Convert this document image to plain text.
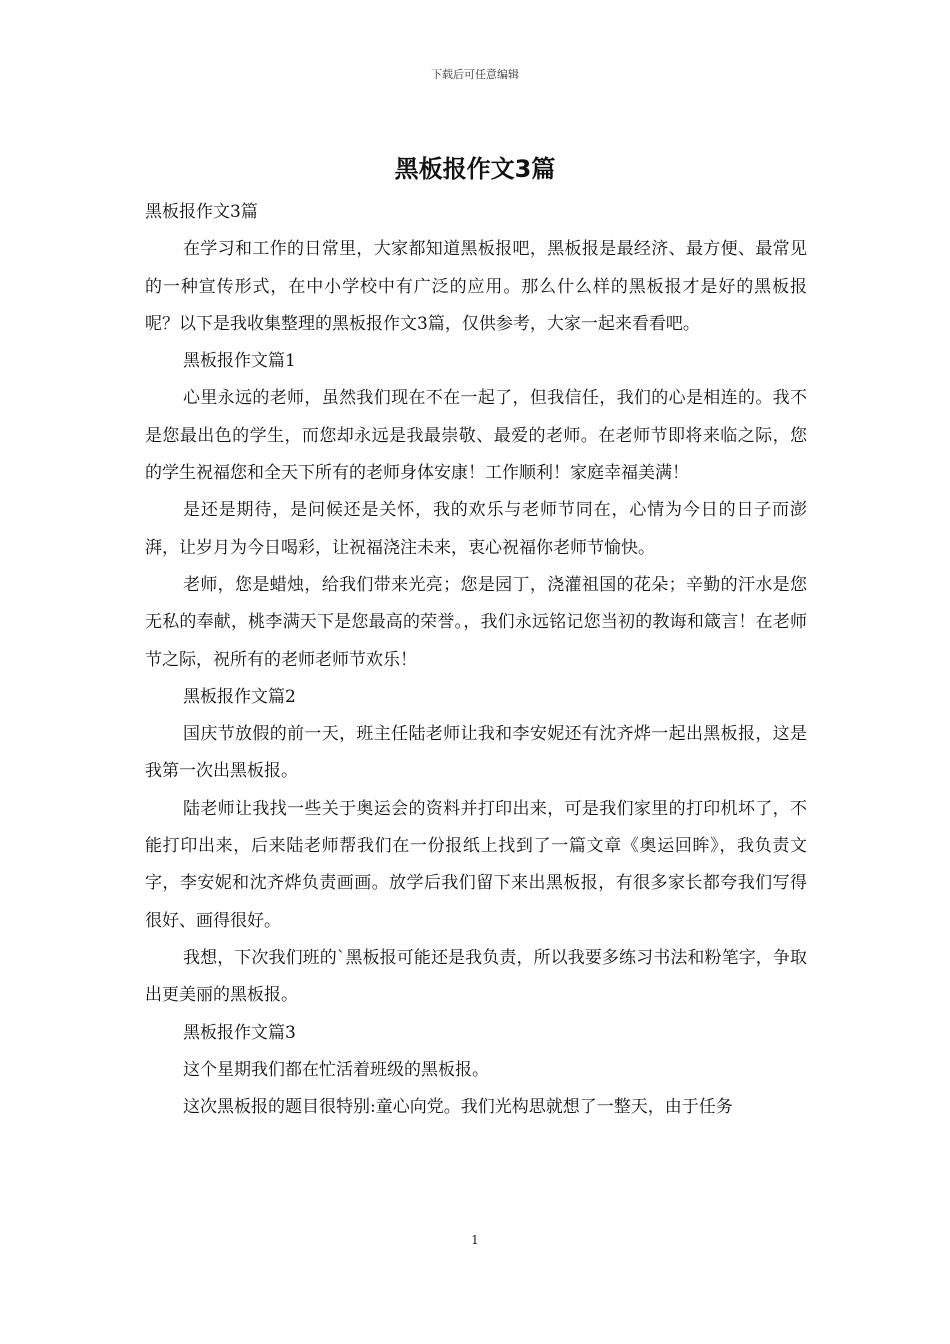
下载后可任意编辑
黑板报作文3篇

黑板报作文3篇

在学习和工作的日常里，大家都知道黑板报吧，黑板报是最经济、最方便、最常见的一种宣传形式，在中小学校中有广泛的应用。那么什么样的黑板报才是好的黑板报呢？以下是我收集整理的黑板报作文3篇，仅供参考，大家一起来看看吧。

黑板报作文篇1

心里永远的老师，虽然我们现在不在一起了，但我信任，我们的心是相连的。我不是您最出色的学生，而您却永远是我最崇敬、最爱的老师。在老师节即将来临之际，您的学生祝福您和全天下所有的老师身体安康！工作顺利！家庭幸福美满！

是还是期待，是问候还是关怀，我的欢乐与老师节同在，心情为今日的日子而澎湃，让岁月为今日喝彩，让祝福浇注未来，衷心祝福你老师节愉快。

老师，您是蜡烛，给我们带来光亮；您是园丁，浇灌祖国的花朵；辛勤的汗水是您无私的奉献，桃李满天下是您最高的荣誉。，我们永远铭记您当初的教诲和箴言！在老师节之际，祝所有的老师老师节欢乐！

黑板报作文篇2

国庆节放假的前一天，班主任陆老师让我和李安妮还有沈齐烨一起出黑板报，这是我第一次出黑板报。

陆老师让我找一些关于奥运会的资料并打印出来，可是我们家里的打印机坏了，不能打印出来，后来陆老师帮我们在一份报纸上找到了一篇文章《奥运回眸》，我负责文字，李安妮和沈齐烨负责画画。放学后我们留下来出黑板报，有很多家长都夸我们写得很好、画得很好。

我想，下次我们班的`黑板报可能还是我负责，所以我要多练习书法和粉笔字，争取出更美丽的黑板报。

黑板报作文篇3

这个星期我们都在忙活着班级的黑板报。

这次黑板报的题目很特别:童心向党。我们光构思就想了一整天，由于任务

1
